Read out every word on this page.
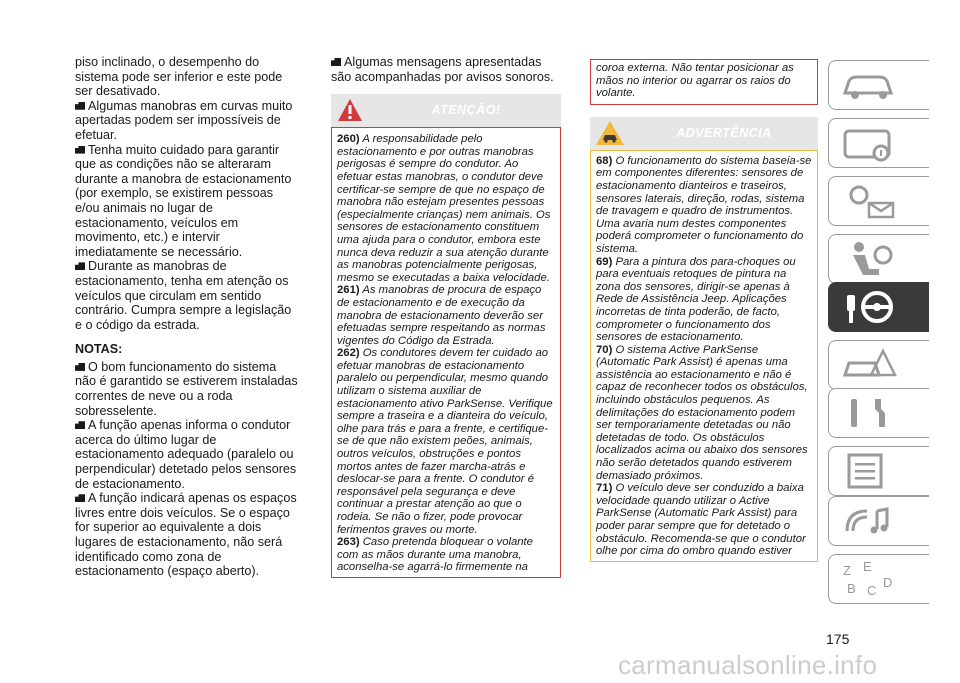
piso inclinado, o desempenho do sistema pode ser inferior e este pode ser desativado.

Algumas manobras em curvas muito apertadas podem ser impossíveis de efetuar.

Tenha muito cuidado para garantir que as condições não se alteraram durante a manobra de estacionamento (por exemplo, se existirem pessoas e/ou animais no lugar de estacionamento, veículos em movimento, etc.) e intervir imediatamente se necessário.

Durante as manobras de estacionamento, tenha em atenção os veículos que circulam em sentido contrário. Cumpra sempre a legislação e o código da estrada.

NOTAS:

O bom funcionamento do sistema não é garantido se estiverem instaladas correntes de neve ou a roda sobresselente.

A função apenas informa o condutor acerca do último lugar de estacionamento adequado (paralelo ou perpendicular) detetado pelos sensores de estacionamento.

A função indicará apenas os espaços livres entre dois veículos. Se o espaço for superior ao equivalente a dois lugares de estacionamento, não será identificado como zona de estacionamento (espaço aberto).

Algumas mensagens apresentadas são acompanhadas por avisos sonoros.

ATENÇÃO!
260) A responsabilidade pelo estacionamento e por outras manobras perigosas é sempre do condutor. Ao efetuar estas manobras, o condutor deve certificar-se sempre de que no espaço de manobra não estejam presentes pessoas (especialmente crianças) nem animais. Os sensores de estacionamento constituem uma ajuda para o condutor, embora este nunca deva reduzir a sua atenção durante as manobras potencialmente perigosas, mesmo se executadas a baixa velocidade.
261) As manobras de procura de espaço de estacionamento e de execução da manobra de estacionamento deverão ser efetuadas sempre respeitando as normas vigentes do Código da Estrada.
262) Os condutores devem ter cuidado ao efetuar manobras de estacionamento paralelo ou perpendicular, mesmo quando utilizam o sistema auxiliar de estacionamento ativo ParkSense. Verifique sempre a traseira e a dianteira do veículo, olhe para trás e para a frente, e certifique-se de que não existem peões, animais, outros veículos, obstruções e pontos mortos antes de fazer marcha-atrás e deslocar-se para a frente. O condutor é responsável pela segurança e deve continuar a prestar atenção ao que o rodeia. Se não o fizer, pode provocar ferimentos graves ou morte.
263) Caso pretenda bloquear o volante com as mãos durante uma manobra, aconselha-se agarrá-lo firmemente na
coroa externa. Não tentar posicionar as mãos no interior ou agarrar os raios do volante.
ADVERTÊNCIA
68) O funcionamento do sistema baseia-se em componentes diferentes: sensores de estacionamento dianteiros e traseiros, sensores laterais, direção, rodas, sistema de travagem e quadro de instrumentos. Uma avaria num destes componentes poderá comprometer o funcionamento do sistema.
69) Para a pintura dos para-choques ou para eventuais retoques de pintura na zona dos sensores, dirigir-se apenas à Rede de Assistência Jeep. Aplicações incorretas de tinta poderão, de facto, comprometer o funcionamento dos sensores de estacionamento.
70) O sistema Active ParkSense (Automatic Park Assist) é apenas uma assistência ao estacionamento e não é capaz de reconhecer todos os obstáculos, incluindo obstáculos pequenos. As delimitações do estacionamento podem ser temporariamente detetadas ou não detetadas de todo. Os obstáculos localizados acima ou abaixo dos sensores não serão detetados quando estiverem demasiado próximos.
71) O veículo deve ser conduzido a baixa velocidade quando utilizar o Active ParkSense (Automatic Park Assist) para poder parar sempre que for detetado o obstáculo. Recomenda-se que o condutor olhe por cima do ombro quando estiver
Z E
B C
D
175
carmanualsonline.info
